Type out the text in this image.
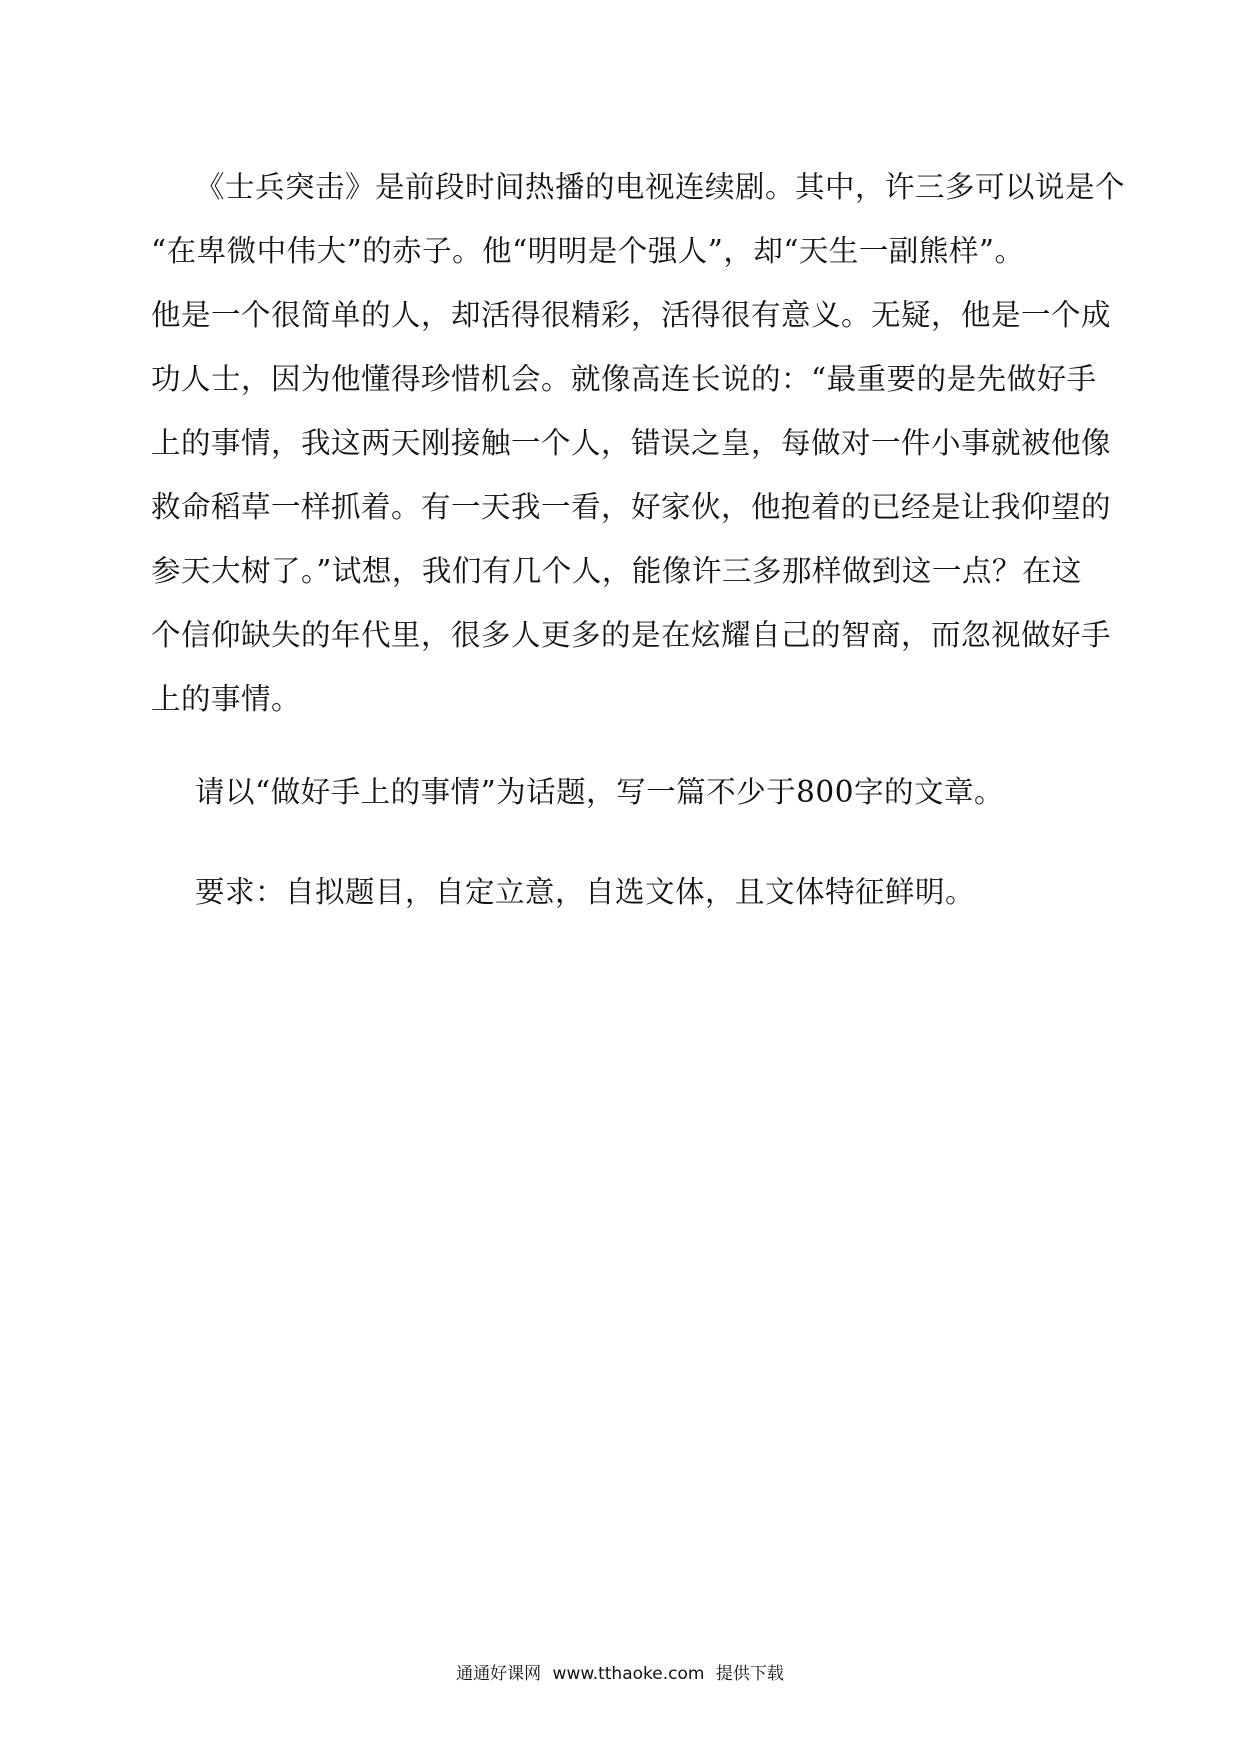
《士兵突击》是前段时间热播的电视连续剧。其中，许三多可以说是个
“在卑微中伟大”的赤子。他“明明是个强人”，却“天生一副熊样”。
他是一个很简单的人，却活得很精彩，活得很有意义。无疑，他是一个成
功人士，因为他懂得珍惜机会。就像高连长说的：“最重要的是先做好手
上的事情，我这两天刚接触一个人，错误之皇，每做对一件小事就被他像
救命稻草一样抓着。有一天我一看，好家伙，他抱着的已经是让我仰望的
参天大树了。”试想，我们有几个人，能像许三多那样做到这一点？在这
个信仰缺失的年代里，很多人更多的是在炫耀自己的智商，而忽视做好手
上的事情。
请以“做好手上的事情”为话题，写一篇不少于800字的文章。
要求：自拟题目，自定立意，自选文体，且文体特征鲜明。
通通好课网 www.tthaoke.com 提供下载
